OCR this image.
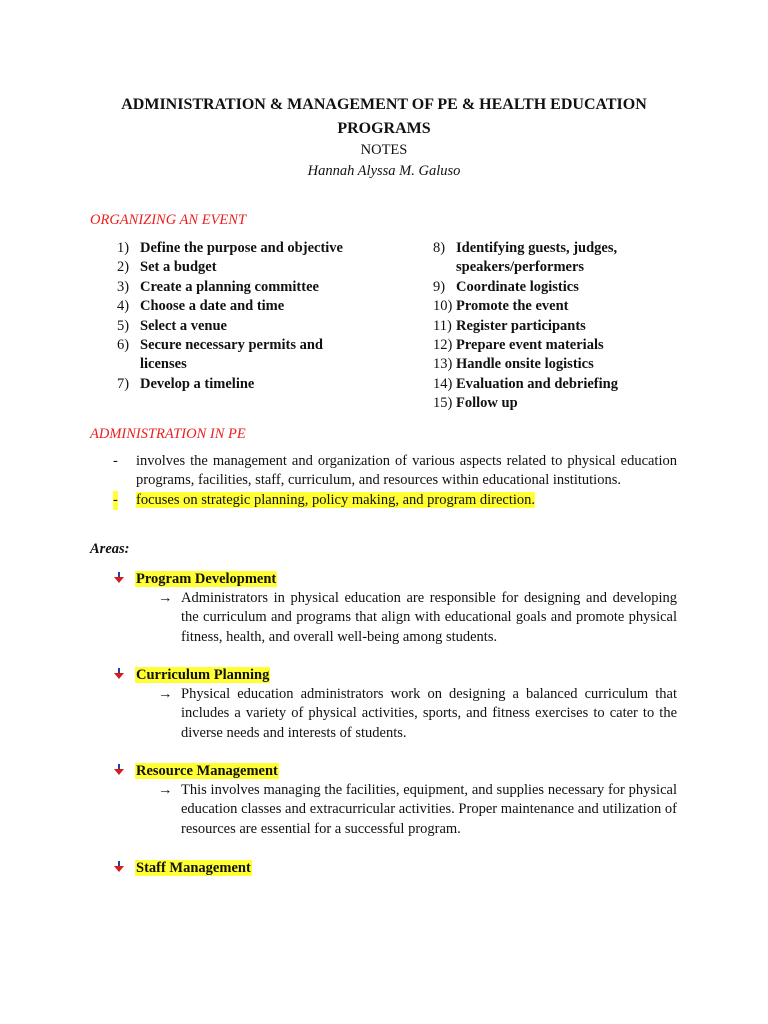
ADMINISTRATION & MANAGEMENT OF PE & HEALTH EDUCATION
PROGRAMS
NOTES
Hannah Alyssa M. Galuso
ORGANIZING AN EVENT
1) Define the purpose and objective
2) Set a budget
3) Create a planning committee
4) Choose a date and time
5) Select a venue
6) Secure necessary permits and licenses
7) Develop a timeline
8) Identifying guests, judges, speakers/performers
9) Coordinate logistics
10) Promote the event
11) Register participants
12) Prepare event materials
13) Handle onsite logistics
14) Evaluation and debriefing
15) Follow up
ADMINISTRATION IN PE
- involves the management and organization of various aspects related to physical education programs, facilities, staff, curriculum, and resources within educational institutions.
- focuses on strategic planning, policy making, and program direction.
Areas:
Program Development
→ Administrators in physical education are responsible for designing and developing the curriculum and programs that align with educational goals and promote physical fitness, health, and overall well-being among students.
Curriculum Planning
→ Physical education administrators work on designing a balanced curriculum that includes a variety of physical activities, sports, and fitness exercises to cater to the diverse needs and interests of students.
Resource Management
→ This involves managing the facilities, equipment, and supplies necessary for physical education classes and extracurricular activities. Proper maintenance and utilization of resources are essential for a successful program.
Staff Management
